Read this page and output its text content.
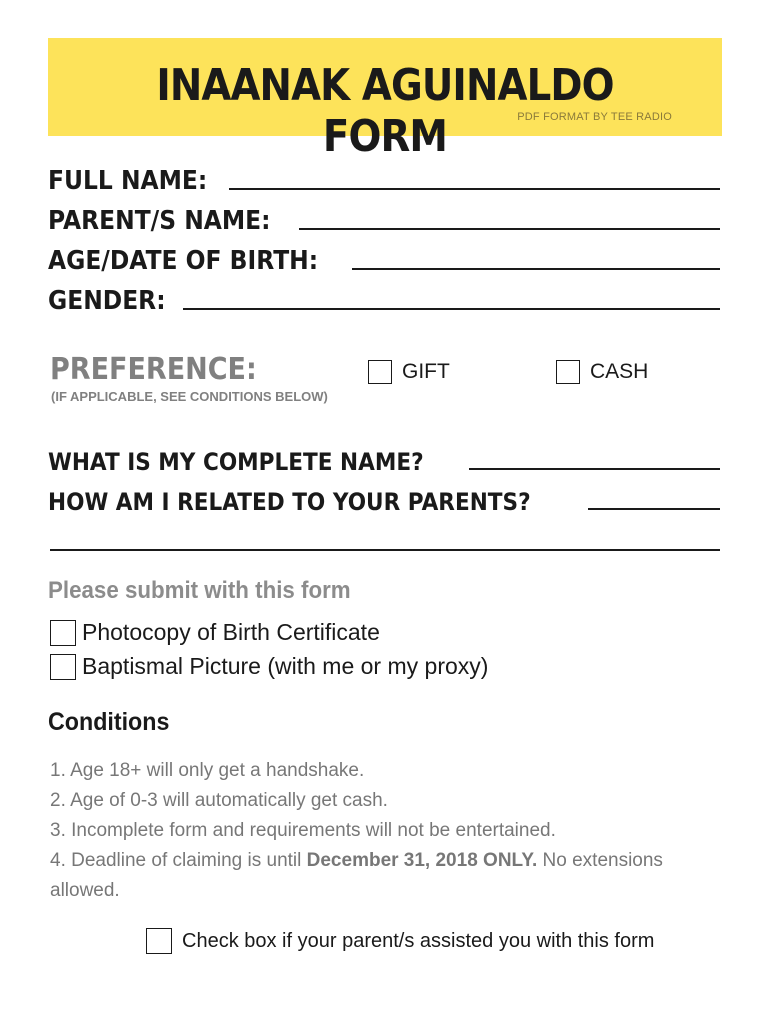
INAANAK AGUINALDO FORM	PDF FORMAT BY TEE RADIO
FULL NAME:
PARENT/S NAME:
AGE/DATE OF BIRTH:
GENDER:
PREFERENCE:
(IF APPLICABLE, SEE CONDITIONS BELOW)
GIFT	CASH
WHAT IS MY COMPLETE NAME?
HOW AM I RELATED TO YOUR PARENTS?
Please submit with this form
Photocopy of Birth Certificate
Baptismal Picture (with me or my proxy)
Conditions
1. Age 18+ will only get a handshake.
2. Age of 0-3 will automatically get cash.
3. Incomplete form and requirements will not be entertained.
4. Deadline of claiming is until December 31, 2018 ONLY. No extensions allowed.
Check box if your parent/s assisted you with this form
